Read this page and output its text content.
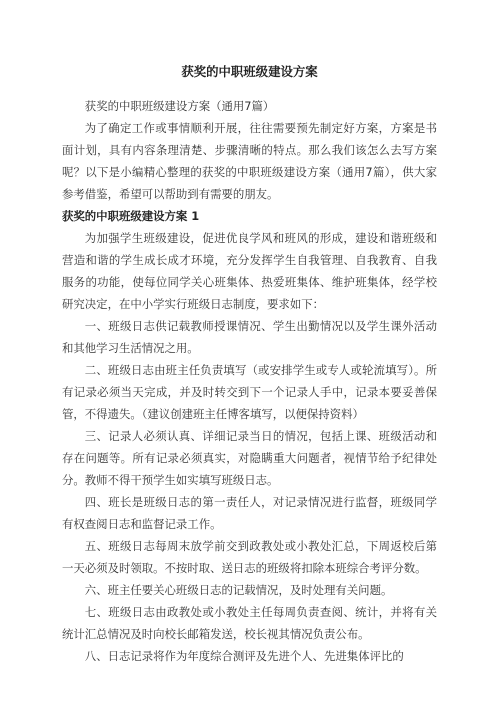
获奖的中职班级建设方案

获奖的中职班级建设方案（通用7篇）

为了确定工作或事情顺利开展，往往需要预先制定好方案，方案是书面计划，具有内容条理清楚、步骤清晰的特点。那么我们该怎么去写方案呢？以下是小编精心整理的获奖的中职班级建设方案（通用7篇），供大家参考借鉴，希望可以帮助到有需要的朋友。

获奖的中职班级建设方案 1

为加强学生班级建设，促进优良学风和班风的形成，建设和谐班级和营造和谐的学生成长成才环境，充分发挥学生自我管理、自我教育、自我服务的功能，使每位同学关心班集体、热爱班集体、维护班集体，经学校研究决定，在中小学实行班级日志制度，要求如下：

一、班级日志供记载教师授课情况、学生出勤情况以及学生课外活动和其他学习生活情况之用。

二、班级日志由班主任负责填写（或安排学生或专人或轮流填写）。所有记录必须当天完成，并及时转交到下一个记录人手中，记录本要妥善保管，不得遗失。（建议创建班主任博客填写，以便保持资料）

三、记录人必须认真、详细记录当日的情况，包括上课、班级活动和存在问题等。所有记录必须真实，对隐瞒重大问题者，视情节给予纪律处分。教师不得干预学生如实填写班级日志。

四、班长是班级日志的第一责任人，对记录情况进行监督，班级同学有权查阅日志和监督记录工作。

五、班级日志每周末放学前交到政教处或小教处汇总，下周返校后第一天必须及时领取。不按时取、送日志的班级将扣除本班综合考评分数。

六、班主任要关心班级日志的记载情况，及时处理有关问题。

七、班级日志由政教处或小教处主任每周负责查阅、统计，并将有关统计汇总情况及时向校长邮箱发送，校长视其情况负责公布。

八、日志记录将作为年度综合测评及先进个人、先进集体评比的
